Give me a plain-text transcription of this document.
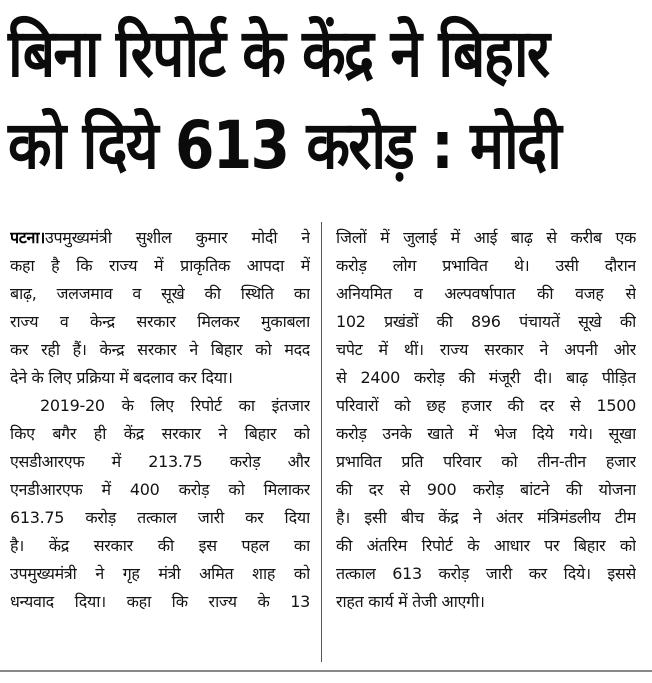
बिना रिपोर्ट के केंद्र ने बिहार
को दिये 613 करोड़ : मोदी
पटना।उपमुख्यमंत्री सुशील कुमार मोदी ने
कहा है कि राज्य में प्राकृतिक आपदा में
बाढ़, जलजमाव व सूखे की स्थिति का
राज्य व केन्द्र सरकार मिलकर मुकाबला
कर रही हैं। केन्द्र सरकार ने बिहार को मदद
देने के लिए प्रक्रिया में बदलाव कर दिया।
2019-20 के लिए रिपोर्ट का इंतजार
किए बगैर ही केंद्र सरकार ने बिहार को
एसडीआरएफ में 213.75 करोड़ और
एनडीआरएफ में 400 करोड़ को मिलाकर
613.75 करोड़ तत्काल जारी कर दिया
है। केंद्र सरकार की इस पहल का
उपमुख्यमंत्री ने गृह मंत्री अमित शाह को
धन्यवाद दिया। कहा कि राज्य के 13
जिलों में जुलाई में आई बाढ़ से करीब एक
करोड़ लोग प्रभावित थे। उसी दौरान
अनियमित व अल्पवर्षापात की वजह से
102 प्रखंडों की 896 पंचायतें सूखे की
चपेट में थीं। राज्य सरकार ने अपनी ओर
से 2400 करोड़ की मंजूरी दी। बाढ़ पीड़ित
परिवारों को छह हजार की दर से 1500
करोड़ उनके खाते में भेज दिये गये। सूखा
प्रभावित प्रति परिवार को तीन-तीन हजार
की दर से 900 करोड़ बांटने की योजना
है। इसी बीच केंद्र ने अंतर मंत्रिमंडलीय टीम
की अंतरिम रिपोर्ट के आधार पर बिहार को
तत्काल 613 करोड़ जारी कर दिये। इससे
राहत कार्य में तेजी आएगी।
